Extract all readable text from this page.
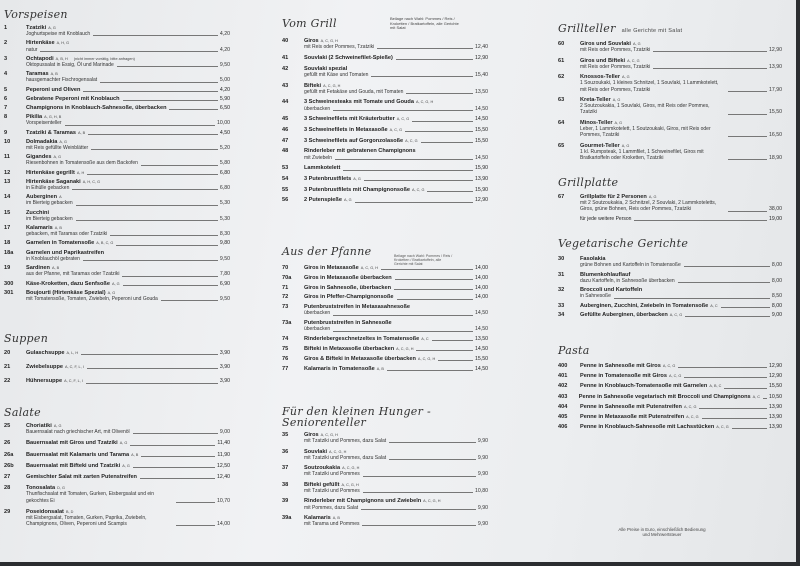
Vorspeisen
1	Tzatziki A, G
Joghurtspeise mit Knoblauch	4,20
2	Hirtenkäse A, H, G
natur	4,20
3	Ochtapodi A, B, H (nicht immer vorrätig, bitte anfragen)
Oktopussalat in Essig, Öl und Marinade	9,50
4	Taramas A, B
hausgemachter Fischrogensalat	5,00
5	Peperoni und Oliven	4,20
6	Gebratene Peperoni mit Knoblauch	5,90
7	Champignons in Knoblauch-Sahnesoße, überbacken	6,50
8	Pikilia A, G, H, B
Vorspeisenteller	10,00
9	Tzatziki & Taramas A, B	4,50
10	Dolmadakia A, G
mit Reis gefüllte Weinblätter	5,20
11	Gigandes A, G
Riesenbohnen in Tomatensoße aus dem Backofen	5,80
12	Hirtenkäse gegrillt A, H	6,80
13	Hirtenkäse Saganaki A, H, C, G
in Eihülle gebacken	6,80
14	Auberginen A
im Bierteig gebacken	5,30
15	Zucchini
im Bierteig gebacken	5,30
17	Kalamaris A, B
gebacken, mit Taramas oder Tzatziki	8,30
18	Garnelen in Tomatensoße A, B, C, G	9,80
18a	Garnelen und Paprikastreifen
in Knoblauchöl gebraten	9,50
19	Sardinen A, B
aus der Pfanne, mit Taramas oder Tzatziki	7,80
300	Käse-Kroketten, dazu Senfsoße A, G	6,90
301	Boujourti (Hirtenkäse Spezial) A, G
mit Tomatensoße, Tomaten, Zwiebeln, Peperoni und Gouda	9,50
Suppen
20	Gulaschsuppe A, L, H	3,90
21	Zwiebelsuppe A, C, F, L, I	3,90
22	Hühnersuppe A, C, F, L, I	3,90
Salate
25	Choriatiki A, G
Bauernsalat nach griechischer Art, mit Olivenöl	9,00
26	Bauernsalat mit Giros und Tzatziki A, G	11,40
26a	Bauernsalat mit Kalamaris und Tarama A, B	11,90
26b	Bauernsalat mit Bifteki und Tzatziki A, G	12,50
27	Gemischter Salat mit zarten Putenstreifen	12,40
28	Tonosalata D, G
Thunfischsalat mit Tomaten, Gurken, Eisbergsalat und ein gekochtes Ei	10,70
29	Poseidonsalat B, D
mit Eisbergsalat, Tomaten, Gurken, Paprika, Zwiebeln, Champignons, Oliven, Peperoni und Scampis	14,00
Vom Grill
40	Giros A, C, G, H
mit Reis oder Pommes, Tzatziki	12,40
41	Souvlaki (2 Schweinefilet-Spieße)	12,90
42	Souvlaki spezial
gefüllt mit Käse und Tomaten	15,40
43	Bifteki A, C, G, H
gefüllt mit Fetakäse und Gouda, mit Tomaten	13,50
44	3 Schweinesteaks mit Tomate und Gouda A, C, G, H
überbacken	14,50
45	3 Schweinefilets mit Kräuterbutter A, C, G	14,50
46	3 Schweinefilets in Metaxasoße A, C, G	15,50
47	3 Schweinefilets auf Gorgonzolasoße A, C, G	15,50
48	Rinderleber mit gebratenen Champignons
mit Zwiebeln	14,50
53	Lammkotelett	15,90
54	3 Putenbrustfilets A, G	13,90
55	3 Putenbrustfilets mit Champignonsoße A, C, G	15,90
56	2 Putenspieße A, G	12,90
Beilage nach Wahl: Pommes / Reis / Kroketten / Bratkartoffeln, alle Gerichte mit Salat
Aus der Pfanne
70	Giros in Metaxasoße A, C, G, H	14,00
70a	Giros in Metaxasoße überbacken	14,00
71	Giros in Sahnesoße, überbacken	14,00
72	Giros in Pfeffer-Champignonsoße	14,00
73	Putenbruststreifen in Metaxasahnesoße
überbacken	14,50
73a	Putenbruststreifen in Sahnesoße
überbacken	14,50
74	Rinderlebergeschnetzeltes in Tomatensoße A, C	13,50
75	Bifteki in Metaxasoße überbacken A, C, G, H	14,50
76	Giros & Bifteki in Metaxasoße überbacken A, C, G, H	15,50
77	Kalamaris in Tomatensoße A, B	14,50
Beilage nach Wahl: Pommes / Reis / Kroketten / Bratkartoffeln, alle Gerichte mit Salat
Für den kleinen Hunger - Seniorenteller
35	Giros A, C, G, H
mit Tzatziki und Pommes, dazu Salat	9,90
36	Souvlaki A, C, G, H
mit Tzatziki und Pommes, dazu Salat	9,90
37	Soutzoukakia A, C, G, H
mit Tzatziki und Pommes	9,90
38	Bifteki gefüllt A, C, G, H
mit Tzatziki und Pommes	10,80
39	Rinderleber mit Champignons und Zwiebeln A, C, G, H
mit Pommes, dazu Salat	9,90
39a	Kalamaris A, B
mit Tarama und Pommes	9,90
Grillteller alle Gerichte mit Salat
60	Giros und Souvlaki A, G
mit Reis oder Pommes, Tzatziki	12,90
61	Giros und Bifteki A, C, G
mit Reis oder Pommes, Tzatziki	13,90
62	Knossos-Teller A, G
1 Souzoukaki, 1 kleines Schnitzel, 1 Souvlaki, 1 Lammkotelett, mit Reis oder Pommes, Tzatziki	17,90
63	Kreta-Teller A, G
2 Soutzoukakia, 1 Souvlaki, Giros, mit Reis oder Pommes, Tzatziki	15,50
64	Minos-Teller A, G
Leber, 1 Lammkotelett, 1 Soutzoukaki, Giros, mit Reis oder Pommes, Tzatziki	16,50
65	Gourmet-Teller A, G
1 kl. Rumpsteak, 1 Lammfilet, 1 Schweinefilet, Giros mit Bratkartoffeln oder Kroketten, Tzatziki	18,90
Grillplatte
67	Grillplatte für 2 Personen A, G
mit 2 Soutzoukakia, 2 Schnitzel, 2 Souvlaki, 2 Lammkoteletts, Giros, grüne Bohnen, Reis oder Pommes, Tzatziki	38,00
für jede weitere Person	19,00
Vegetarische Gerichte
30	Fasolakia
grüne Bohnen und Kartoffeln in Tomatensoße	8,00
31	Blumenkohlauflauf
dazu Kartoffeln, in Sahnesoße überbacken	8,00
32	Broccoli und Kartoffeln
in Sahnesoße	8,50
33	Auberginen, Zucchini, Zwiebeln in Tomatensoße A, C	8,00
34	Gefüllte Auberginen, überbacken A, C, G	9,00
Pasta
400	Penne in Sahnesoße mit Giros A, C, G	12,90
401	Penne in Tomatensoße mit Giros A, C, G	12,90
402	Penne in Knoblauch-Tomatensoße mit Garnelen A, B, C	15,50
403	Penne in Sahnesoße vegetarisch mit Broccoli und Champignons A, C 10,50
404	Penne in Sahnesoße mit Putenstreifen A, C, G	13,90
405	Penne in Metaxasoße mit Putenstreifen A, C, G	13,90
406	Penne in Knoblauch-Sahnesoße mit Lachsstücken A, C, G	13,90
Alle Preise in Euro, einschließlich Bedienung
und Mehrwertsteuer
